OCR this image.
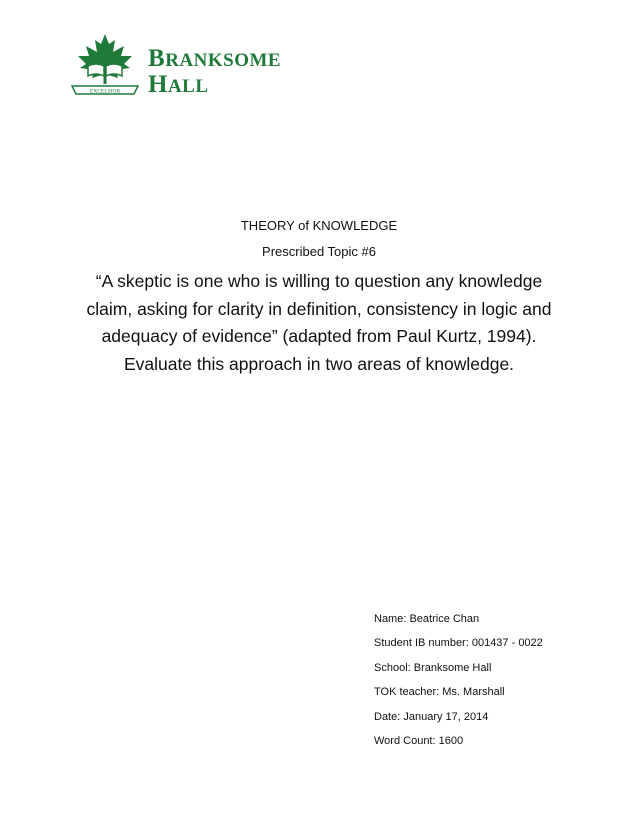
EXCELSIOR
BRANKSOME
HALL
THEORY of KNOWLEDGE
Prescribed Topic #6
“A skeptic is one who is willing to question any knowledge
claim, asking for clarity in definition, consistency in logic and
adequacy of evidence” (adapted from Paul Kurtz, 1994).
Evaluate this approach in two areas of knowledge.
Name: Beatrice Chan
Student IB number: 001437 - 0022
School: Branksome Hall
TOK teacher: Ms. Marshall
Date: January 17, 2014
Word Count: 1600
